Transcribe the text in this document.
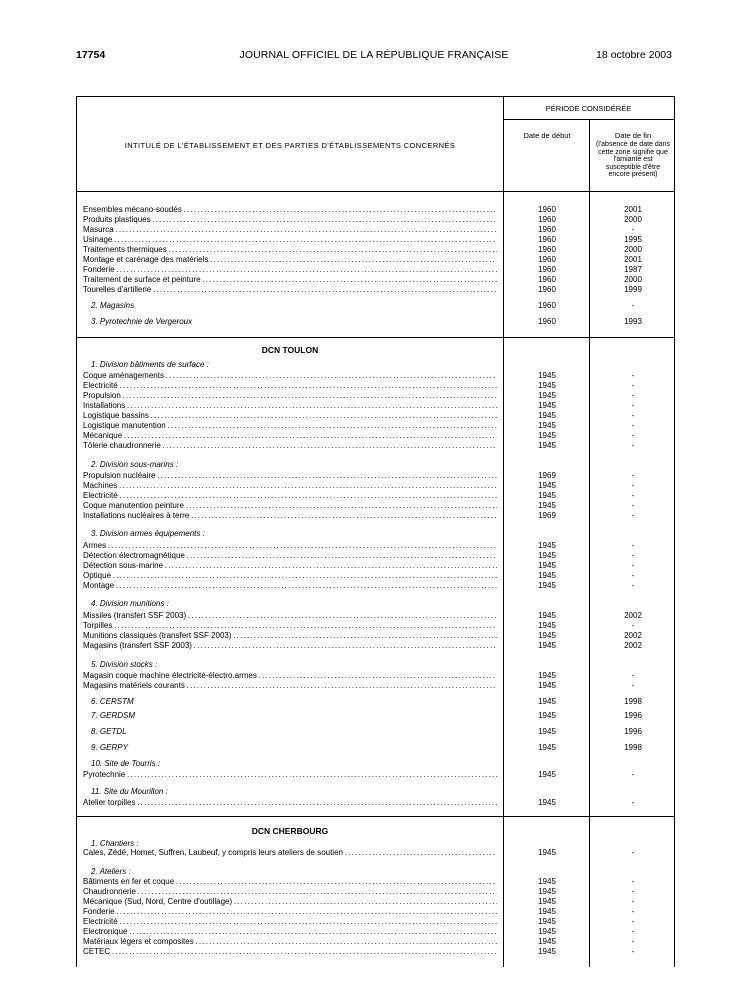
17754	JOURNAL OFFICIEL DE LA RÉPUBLIQUE FRANÇAISE	18 octobre 2003
INTITULÉ DE L'ÉTABLISSEMENT ET DES PARTIES D'ÉTABLISSEMENTS CONCERNÉS
PÉRIODE CONSIDÉRÉE
Date de début	Date de fin
(l'absence de date dans cette zone signifie que l'amiante est susceptible d'être encore présent)
Ensembles mécano-soudés . . .	1960	2001
Produits plastiques . . .	1960	2000
Masurca . . .	1960	-
Usinage . . .	1960	1995
Traitements thermiques . . .	1960	2000
Montage et carénage des matériels . . .	1960	2001
Fonderie . . .	1960	1987
Traitement de surface et peinture . . .	1960	2000
Tourelles d'artillerie . . .	1960	1999
2. Magasins	1960	-
3. Pyrotechnie de Vergeroux	1960	1993
DCN TOULON
1. Division bâtiments de surface :
Coque aménagements . . .	1945	-
Electricité . . .	1945	-
Propulsion . . .	1945	-
Installations . . .	1945	-
Logistique bassins . . .	1945	-
Logistique manutention . . .	1945	-
Mécanique . . .	1945	-
Tôlerie chaudronnerie . . .	1945	-
2. Division sous-marins :
Propulsion nucléaire . . .	1969	-
Machines . . .	1945	-
Electricité . . .	1945	-
Coque manutention peinture . . .	1945	-
Installations nucléaires à terre . . .	1969	-
3. Division armes équipements :
Armes . . .	1945	-
Détection électromagnétique . . .	1945	-
Détection sous-marine . . .	1945	-
Optique . . .	1945	-
Montage . . .	1945	-
4. Division munitions :
Missiles (transfert SSF 2003) . . .	1945	2002
Torpilles . . .	1945	-
Munitions classiques (transfert SSF 2003) . . .	1945	2002
Magasins (transfert SSF 2003) . . .	1945	2002
5. Division stocks :
Magasin coque machine électricité-électro.armes . . .	1945	-
Magasins matériels courants . . .	1945	-
6. CERSTM	1945	1998
7. GERDSM	1945	1996
8. GETDL	1945	1996
9. GERPY	1945	1998
10. Site de Tourris :
Pyrotechnie . . .	1945	-
11. Site du Mourillon :
Atelier torpilles . . .	1945	-
DCN CHERBOURG
1. Chantiers :
Cales, Zédé, Homet, Suffren, Laubeuf, y compris leurs ateliers de soutien . . .	1945	-
2. Ateliers :
Bâtiments en fer et coque . . .	1945	-
Chaudronnerie . . .	1945	-
Mécanique (Sud, Nord, Centre d'outillage) . . .	1945	-
Fonderie . . .	1945	-
Electricité . . .	1945	-
Electronique . . .	1945	-
Matériaux légers et composites . . .	1945	-
CETEC . . .	1945	-
